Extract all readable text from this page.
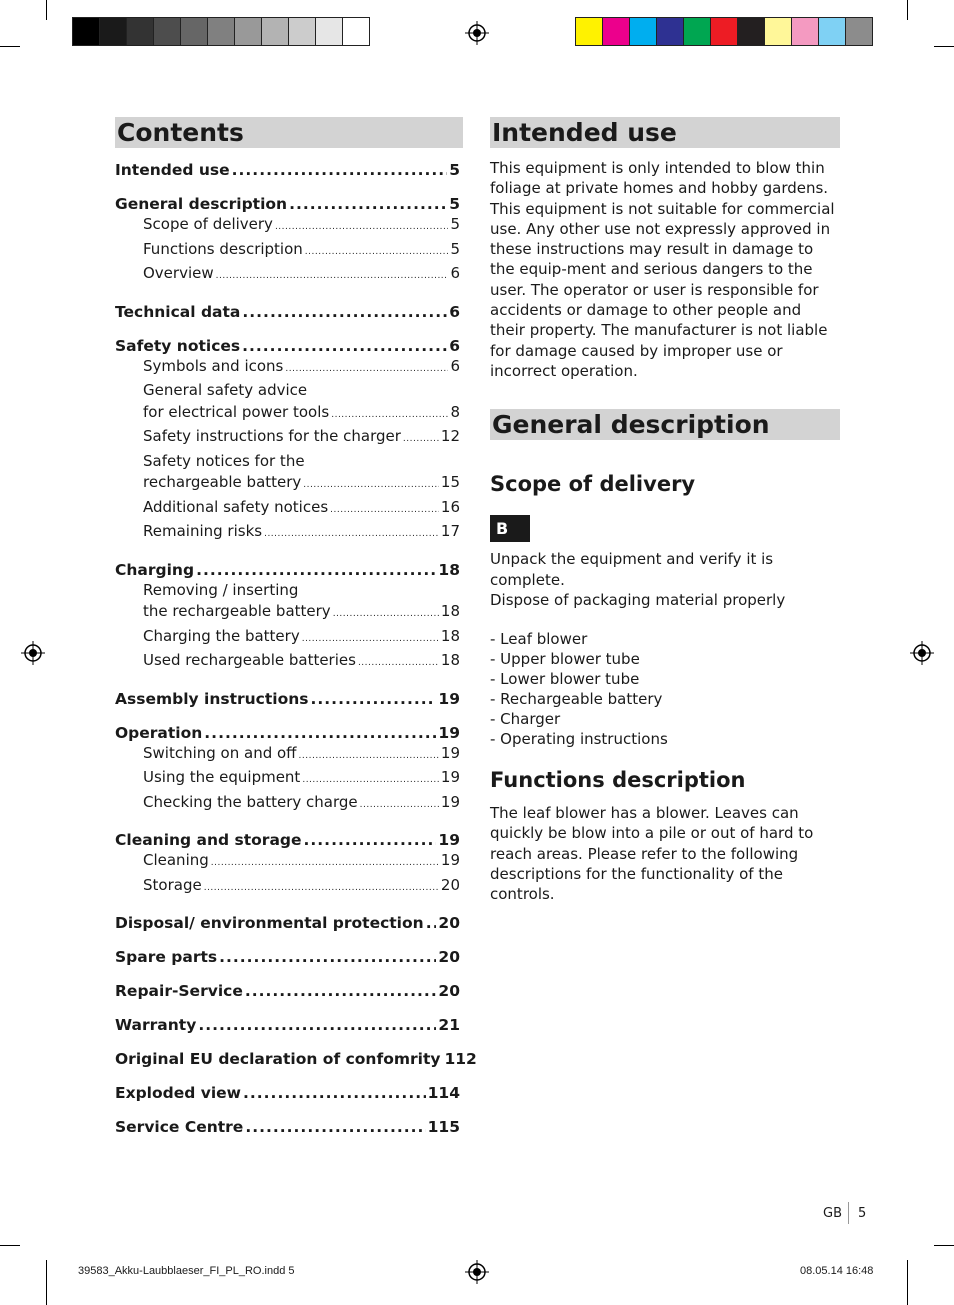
Contents
Intended use .....	5
General description .....	5
Scope of delivery .....	5
Functions description .....	5
Overview .....	6
Technical data .....	6
Safety notices .....	6
Symbols and icons .....	6
General safety advice
for electrical power tools .....	8
Safety instructions for the charger .....	12
Safety notices for the
rechargeable battery .....	15
Additional safety notices .....	16
Remaining risks .....	17
Charging .....	18
Removing / inserting
the rechargeable battery .....	18
Charging the battery .....	18
Used rechargeable batteries .....	18
Assembly instructions .....	19
Operation .....	19
Switching on and off .....	19
Using the equipment .....	19
Checking the battery charge .....	19
Cleaning and storage .....	19
Cleaning .....	19
Storage .....	20
Disposal/ environmental protection ..... 20
Spare parts .....	20
Repair-Service .....	20
Warranty .....	21
Original EU declaration of confomrity 112
Exploded view .....	114
Service Centre .....	115
Intended use

This equipment is only intended to blow thin foliage at private homes and hobby gardens. This equipment is not suitable for commercial use. Any other use not expressly approved in these instructions may result in damage to the equip-ment and serious dangers to the user. The operator or user is responsible for accidents or damage to other people and their property. The manufacturer is not liable for damage caused by improper use or incorrect operation.

General description
Scope of delivery
B

Unpack the equipment and verify it is complete.

Dispose of packaging material properly

- Leaf blower
- Upper blower tube
- Lower blower tube
- Rechargeable battery
- Charger
- Operating instructions
Functions description

The leaf blower has a blower. Leaves can quickly be blow into a pile or out of hard to reach areas. Please refer to the following descriptions for the functionality of the controls.

GB 5
39583_Akku-Laubblaeser_FI_PL_RO.indd 5	08.05.14 16:48
